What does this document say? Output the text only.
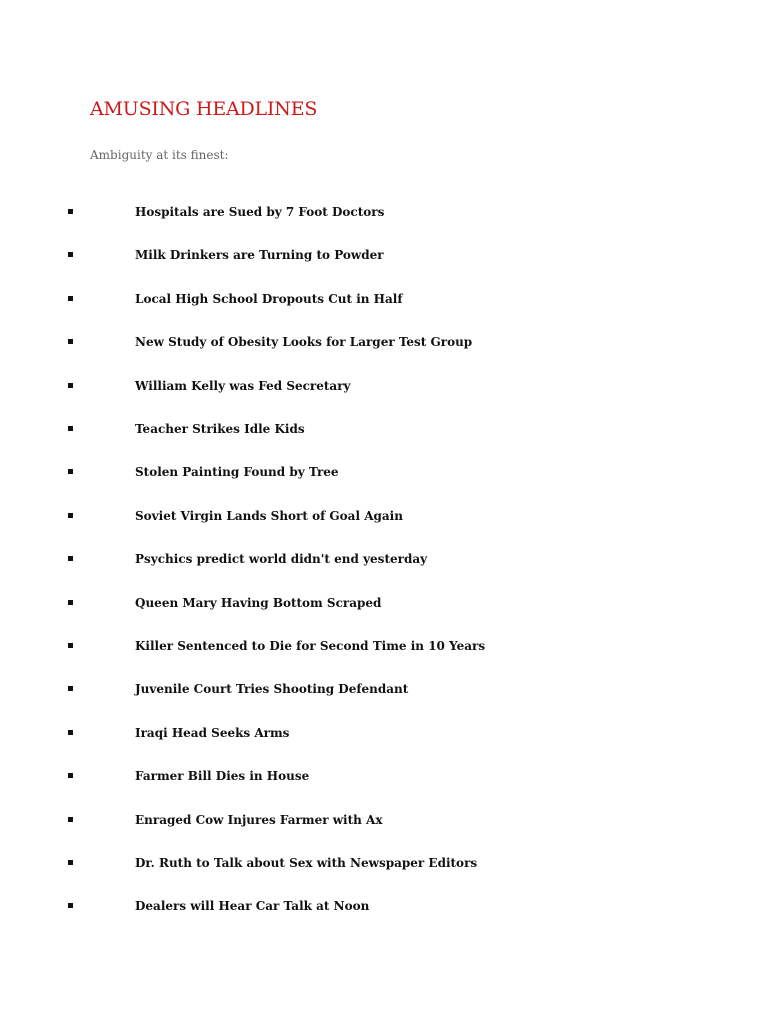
AMUSING HEADLINES

Ambiguity at its finest:

Hospitals are Sued by 7 Foot Doctors
Milk Drinkers are Turning to Powder
Local High School Dropouts Cut in Half
New Study of Obesity Looks for Larger Test Group
William Kelly was Fed Secretary
Teacher Strikes Idle Kids
Stolen Painting Found by Tree
Soviet Virgin Lands Short of Goal Again
Psychics predict world didn't end yesterday
Queen Mary Having Bottom Scraped
Killer Sentenced to Die for Second Time in 10 Years
Juvenile Court Tries Shooting Defendant
Iraqi Head Seeks Arms
Farmer Bill Dies in House
Enraged Cow Injures Farmer with Ax
Dr. Ruth to Talk about Sex with Newspaper Editors
Dealers will Hear Car Talk at Noon
